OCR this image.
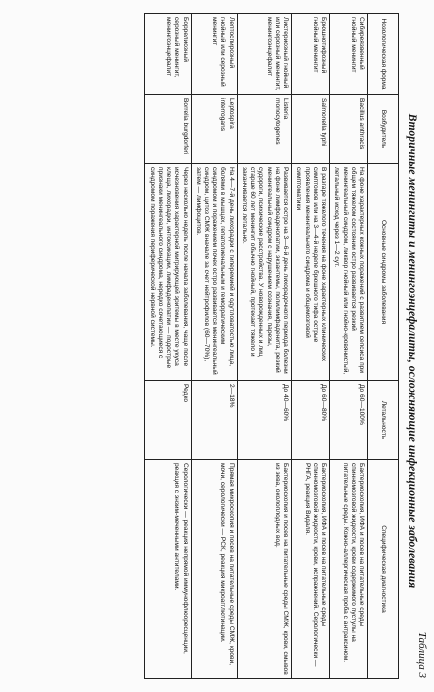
Таблица 3
Вторичные менингиты и менингоэнцефалиты, осложняющие инфекционные заболевания
Нозологическая форма	Возбудитель	Основные синдромы заболевания	Летальность	Специфическая диагностика
Сибиреязвенный гнойный менингит	Bacillus anthracis	На фоне характерных кожных поражений с развитием сепсиса при общем тяжелом состоянии остро развивается резкий менингеальный синдром, ликвор гнойный или гнойно-кровянистый, летальный исход через 1—2 сут.	До 60—100%	Бактериоскопия, ИФА и посев на питательные среды спинномозговой жидкости, крови содержимого пустулы на питательные среды. Кожно-аллергическая проба с антраксином.
Брюшнотифозный гнойный менингит	Salmonella typhi	В разгаре тяжелого течения на фоне характерных клинических симптомов или на 3—4-й неделе брюшного тифа острые проявления менингеального синдрома и общемозговой симптоматики	До 60—80%	Бактериоскопия, ИФА и посев на питательные среды спинномозговой жидкости, крови, испражнений. Серологически — РНГА, реакция Видаля.
Листериозный гнойный или серозный менингит, менингоэнцефалит	Listeria monocytogenes	Развивается остро на 3—6-й день лихорадочного периода болезни на фоне лимфоаденопатии, экзантемы, полилимфаденита, резкий менингеальный синдром с нарушением сознания, парезы, судороги, психические расстройства. У новорожденных и лиц старше 60 лет менингит обычно гнойный, протекает тяжело и заканчивается летально.	До 40—60%	Бактериоскопия и посев на питательные среды СМЖ, крови, смывов из зева, околоплодных вод.
Лептоспирозный гнойный или серозный менингит	Leptospira interrogans	На 4—7-й день лихорадки с гиперемией и одутловатостью лица, болями в мышцах, гепатолиенальным и геморрагическим синдромом и поражением почек остро развивается менингеальный синдром, цитоз СМЖ вначале за счет нейтрофилов (60—70%), затем — лимфоцитов.	2—18%	Прямая микроскопия и посев на питательные среды СМЖ, крови, мочи, серологически — РСК, реакция микроагглютинации.
Боррелиозный серозный менингит, менингоэнцефалит	Borrelia burgdorferi	Через несколько недель после начала заболевания, чаще после исчезновения характерной мигрирующей эритемы в месте укуса клеща, лихорадки, интоксикации, лимфаденопатии — подострые признаки менингеального синдрома, нередко сочетающиеся с синдромом поражения периферической нервной системы.	Редко	Серологически — реакция непрямой иммунофлюоресценции, реакция с энзим-меченными антителами.
